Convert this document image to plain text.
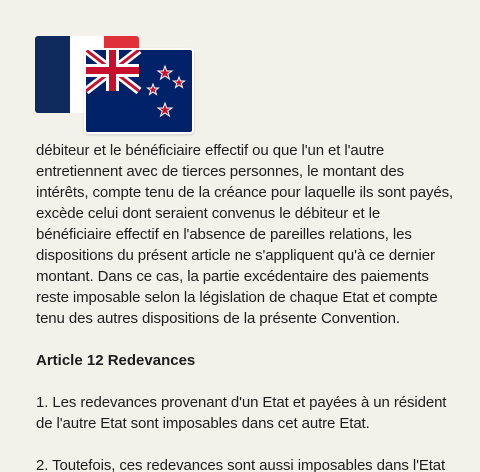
débiteur et le bénéficiaire effectif ou que l'un et l'autre entretiennent avec de tierces personnes, le montant des intérêts, compte tenu de la créance pour laquelle ils sont payés, excède celui dont seraient convenus le débiteur et le bénéficiaire effectif en l'absence de pareilles relations, les dispositions du présent article ne s'appliquent qu'à ce dernier montant. Dans ce cas, la partie excédentaire des paiements reste imposable selon la législation de chaque Etat et compte tenu des autres dispositions de la présente Convention.

Article 12 Redevances

1. Les redevances provenant d'un Etat et payées à un résident de l'autre Etat sont imposables dans cet autre Etat.

2. Toutefois, ces redevances sont aussi imposables dans l'Etat
